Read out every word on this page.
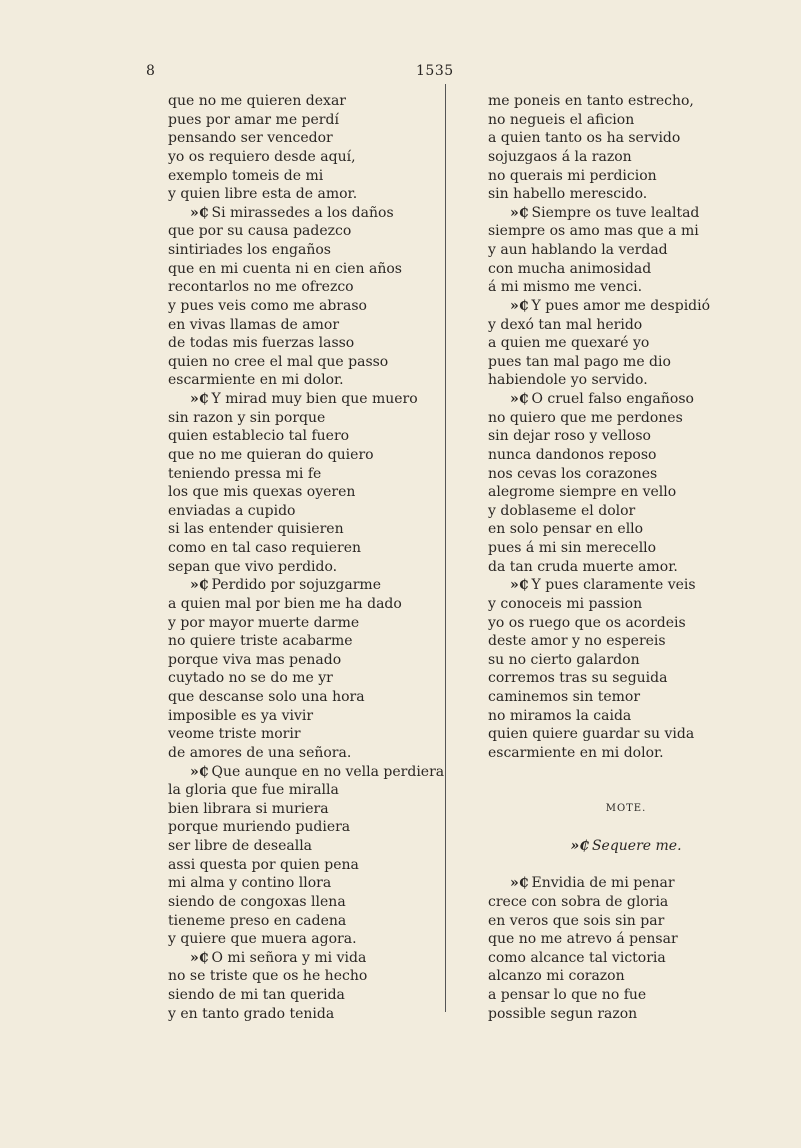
8	1535
que no me quieren dexar
pues por amar me perdí
pensando ser vencedor
yo os requiero desde aquí,
exemplo tomeis de mi
y quien libre esta de amor.
»₵ Si mirassedes a los daños
que por su causa padezco
sintiriades los engaños
que en mi cuenta ni en cien años
recontarlos no me ofrezco
y pues veis como me abraso
en vivas llamas de amor
de todas mis fuerzas lasso
quien no cree el mal que passo
escarmiente en mi dolor.
»₵ Y mirad muy bien que muero
sin razon y sin porque
quien establecio tal fuero
que no me quieran do quiero
teniendo pressa mi fe
los que mis quexas oyeren
enviadas a cupido
si las entender quisieren
como en tal caso requieren
sepan que vivo perdido.
»₵ Perdido por sojuzgarme
a quien mal por bien me ha dado
y por mayor muerte darme
no quiere triste acabarme
porque viva mas penado
cuytado no se do me yr
que descanse solo una hora
imposible es ya vivir
veome triste morir
de amores de una señora.
»₵ Que aunque en no vella perdiera
la gloria que fue miralla
bien librara si muriera
porque muriendo pudiera
ser libre de deseallа
assi questa por quien pena
mi alma y contino llora
siendo de congoxas llena
tieneme preso en cadena
y quiere que muera agora.
»₵ O mi señora y mi vida
no se triste que os he hecho
siendo de mi tan querida
y en tanto grado tenida
me poneis en tanto estrecho,
no negueis el aficion
a quien tanto os ha servido
sojuzgaos á la razon
no querais mi perdicion
sin habello merescido.
»₵ Siempre os tuve lealtad
siempre os amo mas que a mi
y aun hablando la verdad
con mucha animosidad
á mi mismo me venci.
»₵ Y pues amor me despidió
y dexó tan mal herido
a quien me quexaré yo
pues tan mal pago me dio
habiendole yo servido.
»₵ O cruel falso engañoso
no quiero que me perdones
sin dejar roso y velloso
nunca dandonos reposo
nos cevas los corazones
alegrome siempre en vello
y doblaseme el dolor
en solo pensar en ello
pues á mi sin merecello
da tan cruda muerte amor.
»₵ Y pues claramente veis
y conoceis mi passion
yo os ruego que os acordeis
deste amor y no espereis
su no cierto galardon
corremos tras su seguida
caminemos sin temor
no miramos la caida
quien quiere guardar su vida
escarmiente en mi dolor.
MOTE.
»₵ Sequere me.
»₵ Envidia de mi penar
crece con sobra de gloria
en veros que sois sin par
que no me atrevo á pensar
como alcance tal victoria
alcanzo mi corazon
a pensar lo que no fue
possible segun razon
